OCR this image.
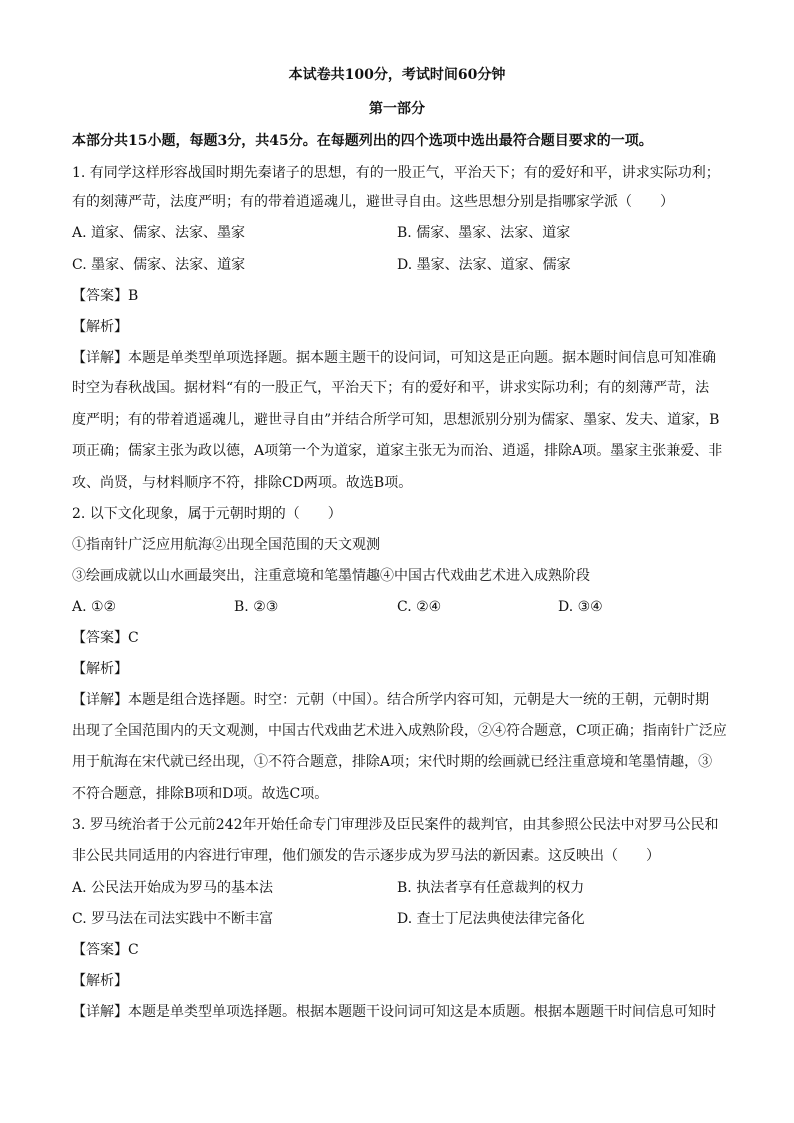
本试卷共100分，考试时间60分钟
第一部分
本部分共15小题，每题3分，共45分。在每题列出的四个选项中选出最符合题目要求的一项。
1. 有同学这样形容战国时期先秦诸子的思想，有的一股正气，平治天下；有的爱好和平，讲求实际功利；
有的刻薄严苛，法度严明；有的带着逍遥魂儿，避世寻自由。这些思想分别是指哪家学派（　　）
A. 道家、儒家、法家、墨家	B. 儒家、墨家、法家、道家
C. 墨家、儒家、法家、道家	D. 墨家、法家、道家、儒家
【答案】B
【解析】
【详解】本题是单类型单项选择题。据本题主题干的设问词，可知这是正向题。据本题时间信息可知准确
时空为春秋战国。据材料“有的一股正气，平治天下；有的爱好和平，讲求实际功利；有的刻薄严苛，法
度严明；有的带着逍遥魂儿，避世寻自由”并结合所学可知，思想派别分别为儒家、墨家、发夫、道家，B
项正确；儒家主张为政以德，A项第一个为道家，道家主张无为而治、逍遥，排除A项。墨家主张兼爱、非
攻、尚贤，与材料顺序不符，排除CD两项。故选B项。
2. 以下文化现象，属于元朝时期的（　　）
①指南针广泛应用航海②出现全国范围的天文观测
③绘画成就以山水画最突出，注重意境和笔墨情趣④中国古代戏曲艺术进入成熟阶段
A. ①②	B. ②③	C. ②④	D. ③④
【答案】C
【解析】
【详解】本题是组合选择题。时空：元朝（中国）。结合所学内容可知，元朝是大一统的王朝，元朝时期
出现了全国范围内的天文观测，中国古代戏曲艺术进入成熟阶段，②④符合题意，C项正确；指南针广泛应
用于航海在宋代就已经出现，①不符合题意，排除A项；宋代时期的绘画就已经注重意境和笔墨情趣，③
不符合题意，排除B项和D项。故选C项。
3. 罗马统治者于公元前242年开始任命专门审理涉及臣民案件的裁判官，由其参照公民法中对罗马公民和
非公民共同适用的内容进行审理，他们颁发的告示逐步成为罗马法的新因素。这反映出（　　）
A. 公民法开始成为罗马的基本法	B. 执法者享有任意裁判的权力
C. 罗马法在司法实践中不断丰富	D. 查士丁尼法典使法律完备化
【答案】C
【解析】
【详解】本题是单类型单项选择题。根据本题题干设问词可知这是本质题。根据本题题干时间信息可知时
